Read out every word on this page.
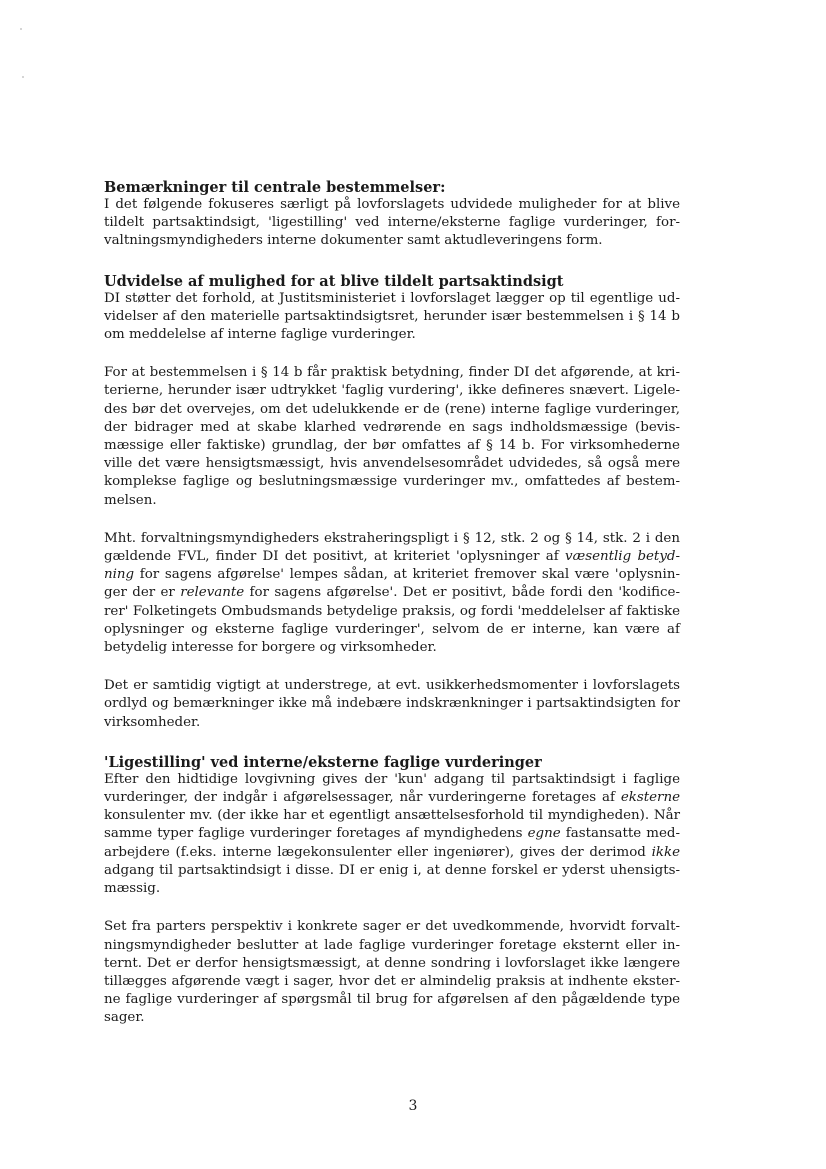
Bemærkninger til centrale bestemmelser:

I det følgende fokuseres særligt på lovforslagets udvidede muligheder for at blive tildelt partsaktindsigt, 'ligestilling' ved interne/eksterne faglige vurderinger, forvaltningsmyndigheders interne dokumenter samt aktudleveringens form.

Udvidelse af mulighed for at blive tildelt partsaktindsigt

DI støtter det forhold, at Justitsministeriet i lovforslaget lægger op til egentlige udvidelser af den materielle partsaktindsigtsret, herunder især bestemmelsen i § 14 b om meddelelse af interne faglige vurderinger.

For at bestemmelsen i § 14 b får praktisk betydning, finder DI det afgørende, at kriterierne, herunder især udtrykket 'faglig vurdering', ikke defineres snævert. Ligeledes bør det overvejes, om det udelukkende er de (rene) interne faglige vurderinger, der bidrager med at skabe klarhed vedrørende en sags indholdsmæssige (bevismæssige eller faktiske) grundlag, der bør omfattes af § 14 b. For virksomhederne ville det være hensigtsmæssigt, hvis anvendelsesområdet udvidedes, så også mere komplekse faglige og beslutningsmæssige vurderinger mv., omfattedes af bestemmelsen.

Mht. forvaltningsmyndigheders ekstraheringspligt i § 12, stk. 2 og § 14, stk. 2 i den gældende FVL, finder DI det positivt, at kriteriet 'oplysninger af væsentlig betydning for sagens afgørelse' lempes sådan, at kriteriet fremover skal være 'oplysninger der er relevante for sagens afgørelse'. Det er positivt, både fordi den 'kodificerer' Folketingets Ombudsmands betydelige praksis, og fordi 'meddelelser af faktiske oplysninger og eksterne faglige vurderinger', selvom de er interne, kan være af betydelig interesse for borgere og virksomheder.

Det er samtidig vigtigt at understrege, at evt. usikkerhedsmomenter i lovforslagets ordlyd og bemærkninger ikke må indebære indskrænkninger i partsaktindsigten for virksomheder.

'Ligestilling' ved interne/eksterne faglige vurderinger

Efter den hidtidige lovgivning gives der 'kun' adgang til partsaktindsigt i faglige vurderinger, der indgår i afgørelsessager, når vurderingerne foretages af eksterne konsulenter mv. (der ikke har et egentligt ansættelsesforhold til myndigheden). Når samme typer faglige vurderinger foretages af myndighedens egne fastansatte medarbejdere (f.eks. interne lægekonsulenter eller ingeniører), gives der derimod ikke adgang til partsaktindsigt i disse. DI er enig i, at denne forskel er yderst uhensigtsmæssig.

Set fra parters perspektiv i konkrete sager er det uvedkommende, hvorvidt forvaltningsmyndigheder beslutter at lade faglige vurderinger foretage eksternt eller internt. Det er derfor hensigtsmæssigt, at denne sondring i lovforslaget ikke længere tillægges afgørende vægt i sager, hvor det er almindelig praksis at indhente eksterne faglige vurderinger af spørgsmål til brug for afgørelsen af den pågældende type sager.

3
